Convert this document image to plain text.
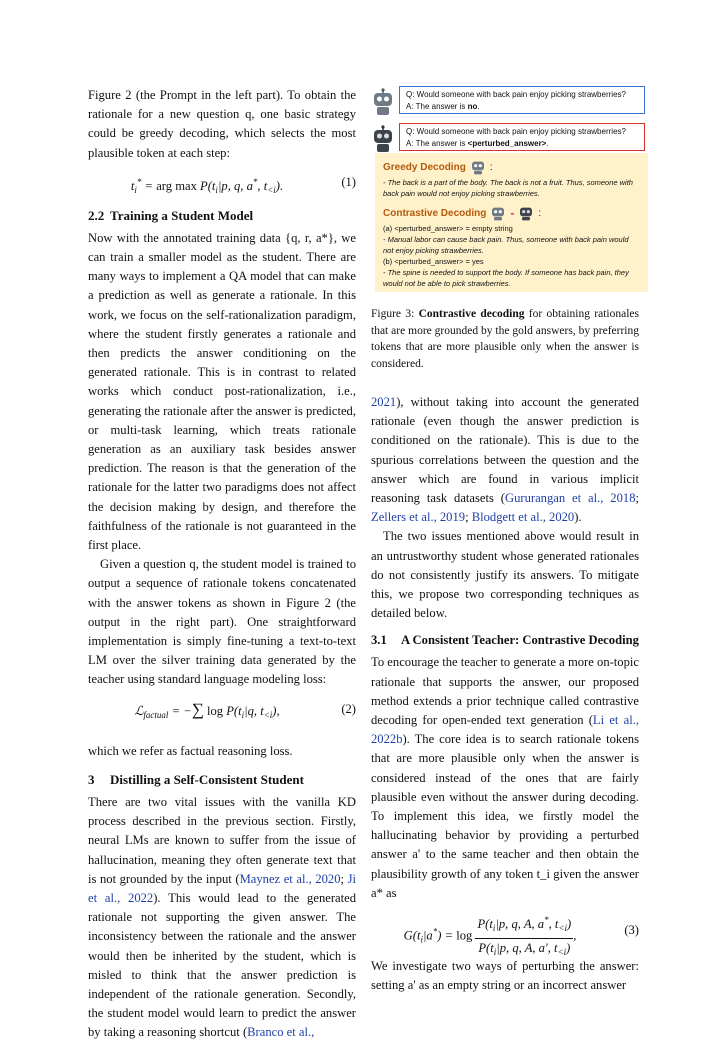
Figure 2 (the Prompt in the left part). To obtain the rationale for a new question q, one basic strategy could be greedy decoding, which selects the most plausible token at each step:

$t_i^*$ = arg $\max P(t_i|p$, q, a*, $t_{<i}$).	(1)
2.2 Training a Student Model

Now with the annotated training data {q, r, a*}, we can train a smaller model as the student. There are many ways to implement a QA model that can make a prediction as well as generate a rationale. In this work, we focus on the self-rationalization paradigm, where the student firstly generates a rationale and then predicts the answer conditioning on the generated rationale. This is in contrast to related works which conduct post-rationalization, i.e., generating the rationale after the answer is predicted, or multi-task learning, which treats rationale generation as an auxiliary task besides answer prediction. The reason is that the generation of the rationale for the latter two paradigms does not affect the decision making by design, and therefore the faithfulness of the rationale is not guaranteed in the first place.

Given a question q, the student model is trained to output a sequence of rationale tokens concatenated with the answer tokens as shown in Figure 2 (the output in the right part). One straightforward implementation is simply fine-tuning a text-to-text LM over the silver training data generated by the teacher using standard language modeling loss:

ℒ$_{factual}$ = −∑ $\log P(t_i|q$, $t_{<i}$),	(2)

which we refer as factual reasoning loss.

3 Distilling a Self-Consistent Student

There are two vital issues with the vanilla KD process described in the previous section. Firstly, neural LMs are known to suffer from the issue of hallucination, meaning they often generate text that is not grounded by the input (Maynez et al., 2020; Ji et al., 2022). This would lead to the generated rationale not supporting the given answer. The inconsistency between the rationale and the answer would then be inherited by the student, which is misled to think that the answer prediction is independent of the rationale generation. Secondly, the student model would learn to predict the answer by taking a reasoning shortcut (Branco et al.,

Q: Would someone with back pain enjoy picking strawberries?
A: The answer is no.
Q: Would someone with back pain enjoy picking strawberries?
A: The answer is <perturbed_answer>.
Greedy Decoding :
- The back is a part of the body. The back is not a fruit. Thus, someone with back pain would not enjoy picking strawberries.
Contrastive Decoding - :
(a) <perturbed_answer> = empty string
- Manual labor can cause back pain. Thus, someone with back pain would not enjoy picking strawberries.
(b) <perturbed_answer> = yes
- The spine is needed to support the body. If someone has back pain, they would not be able to pick strawberries.
Figure 3: Contrastive decoding for obtaining rationales that are more grounded by the gold answers, by preferring tokens that are more plausible only when the answer is considered.

2021), without taking into account the generated rationale (even though the answer prediction is conditioned on the rationale). This is due to the spurious correlations between the question and the answer which are found in various implicit reasoning task datasets (Gururangan et al., 2018; Zellers et al., 2019; Blodgett et al., 2020).

The two issues mentioned above would result in an untrustworthy student whose generated rationales do not consistently justify its answers. To mitigate this, we propose two corresponding techniques as detailed below.

3.1	A Consistent Teacher: Contrastive Decoding

To encourage the teacher to generate a more on-topic rationale that supports the answer, our proposed method extends a prior technique called contrastive decoding for open-ended text generation (Li et al., 2022b). The core idea is to search rationale tokens that are more plausible only when the answer is considered instead of the ones that are fairly plausible even without the answer during decoding. To implement this idea, we firstly model the hallucinating behavior by providing a perturbed answer a' to the same teacher and then obtain the plausibility growth of any token t_i given the answer a* as

$G(t_i|a^*) = \log \frac{P(t_i|p, q, A, a^*, t_{<i})}{P(t_i|p, q, A, a', t_{<i})}$ ,	(3)

We investigate two ways of perturbing the answer: setting a' as an empty string or an incorrect answer
